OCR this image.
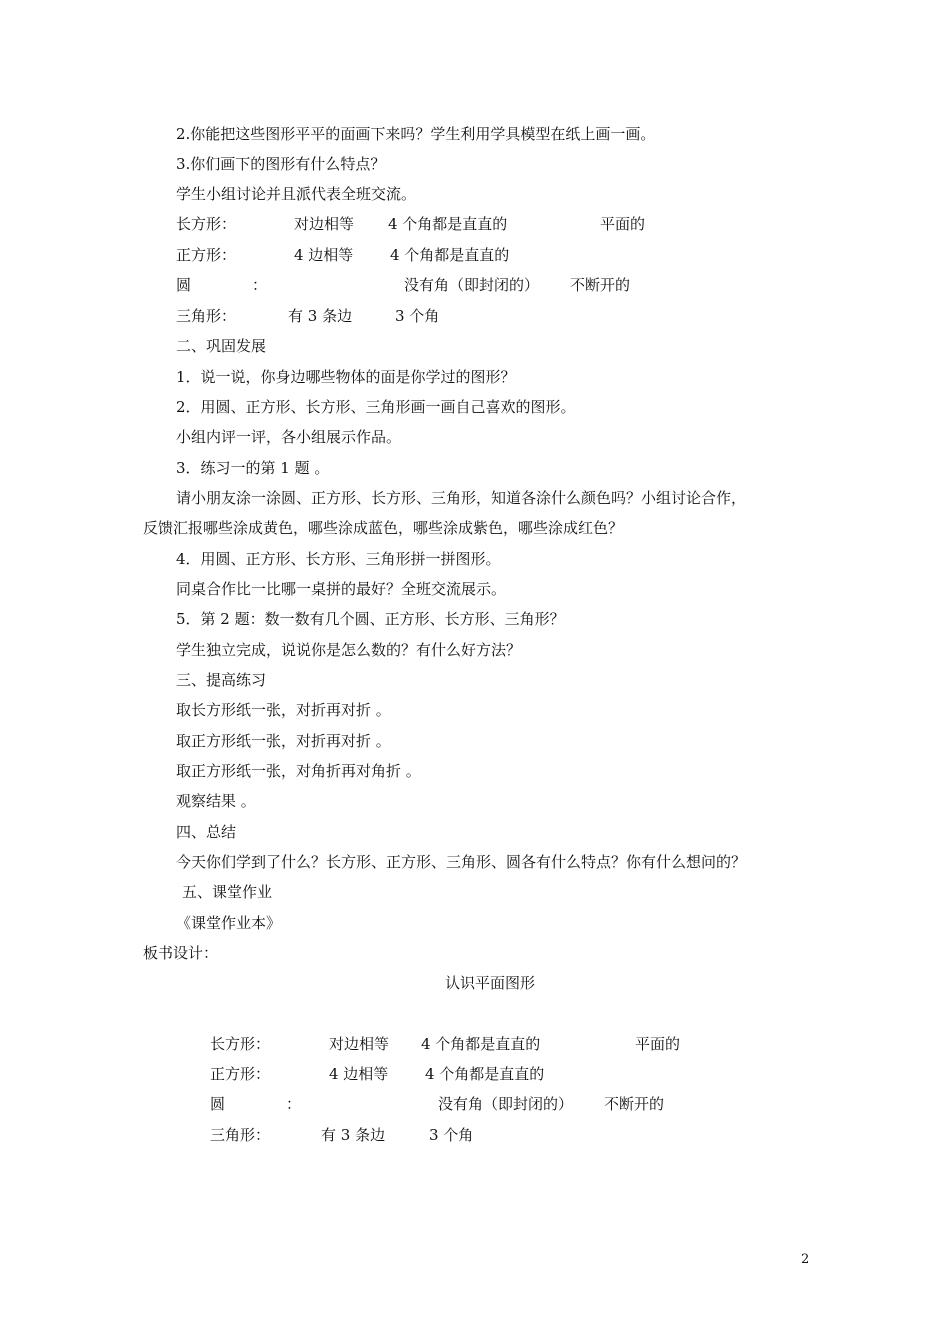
2.你能把这些图形平平的面画下来吗？学生利用学具模型在纸上画一画。
3.你们画下的图形有什么特点？
学生小组讨论并且派代表全班交流。
长方形：	对边相等 4 个角都是直直的	平面的
正方形：	4 边相等 4 个角都是直直的
圆	：	没有角（即封闭的） 不断开的
三角形：	有 3 条边	3 个角
二、巩固发展
1．说一说，你身边哪些物体的面是你学过的图形？
2．用圆、正方形、长方形、三角形画一画自己喜欢的图形。
小组内评一评，各小组展示作品。
3．练习一的第 1 题 。
请小朋友涂一涂圆、正方形、长方形、三角形，知道各涂什么颜色吗？小组讨论合作，
反馈汇报哪些涂成黄色，哪些涂成蓝色，哪些涂成紫色，哪些涂成红色？
4．用圆、正方形、长方形、三角形拼一拼图形。
同桌合作比一比哪一桌拼的最好？全班交流展示。
5．第 2 题：数一数有几个圆、正方形、长方形、三角形？
学生独立完成，说说你是怎么数的？有什么好方法？
三、提高练习
取长方形纸一张，对折再对折 。
取正方形纸一张，对折再对折 。
取正方形纸一张，对角折再对角折 。
观察结果 。
四、总结
今天你们学到了什么？长方形、正方形、三角形、圆各有什么特点？你有什么想问的？
五、课堂作业
《课堂作业本》
板书设计：
认识平面图形
长方形：	对边相等 4 个角都是直直的	平面的
正方形：	4 边相等 4 个角都是直直的
圆	：	没有角（即封闭的） 不断开的
三角形：	有 3 条边	3 个角
2
